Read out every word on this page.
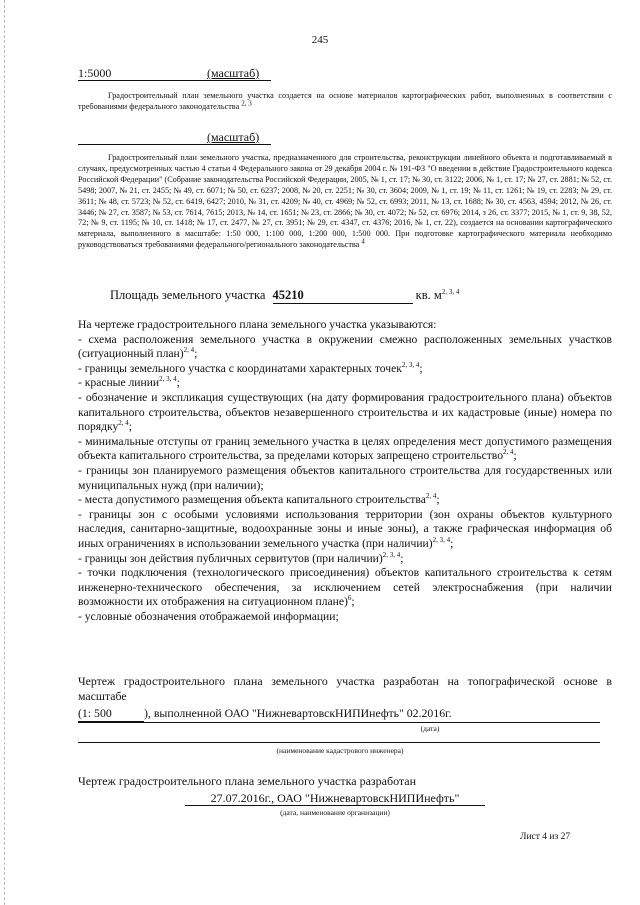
245
1:5000	(масштаб)
Градостроительный план земельного участка создается на основе материалов картографических работ, выполненных в соответствии с требованиями федерального законодательства $^{2, 3}$
(масштаб)
Градостроительный план земельного участка, предназначенного для строительства, реконструкции линейного объекта и подготавливаемый в случаях, предусмотренных частью 4 статьи 4 Федерального закона от 29 декабря 2004 г. № 191-ФЗ "О введении в действие Градостроительного кодекса Российской Федерации" (Собрание законодательства Российской Федерации, 2005, № 1, ст. 17; № 30, ст. 3122; 2006, № 1, ст. 17; № 27, ст. 2881; № 52, ст. 5498; 2007, № 21, ст. 2455; № 49, ст. 6071; № 50, ст. 6237; 2008, № 20, ст. 2251; № 30, ст. 3604; 2009, № 1, ст. 19; № 11, ст. 1261; № 19, ст. 2283; № 29, ст. 3611; № 48, ст. 5723; № 52, ст. 6419, 6427; 2010, № 31, ст. 4209; № 40, ст. 4969; № 52, ст. 6993; 2011, № 13, ст. 1688; № 30, ст. 4563, 4594; 2012, № 26, ст. 3446; № 27, ст. 3587; № 53, ст. 7614, 7615; 2013, № 14, ст. 1651; № 23, ст. 2866; № 30, ст. 4072; № 52, ст. 6976; 2014, з 26, ст. 3377; 2015, № 1, ст. 9, 38, 52, 72; № 9, ст. 1195; № 10, ст. 1418; № 17, ст. 2477, № 27, ст. 3951; № 29, ст. 4347, ст. 4376; 2016, № 1, ст. 22), создается на основании картографического материала, выполненного в масштабе: 1:50 000, 1:100 000, 1:200 000, 1:500 000. При подготовке картографического материала необходимо руководствоваться требованиями федерального/регионального законодательства $^4$
Площадь земельного участка 45210	кв. $м^{2, 3, 4}$

На чертеже градостроительного плана земельного участка указываются:

- схема расположения земельного участка в окружении смежно расположенных земельных участков (ситуационный план)$^{2, 4}$;

- границы земельного участка с координатами характерных точек$^{2, 3, 4}$;

- красные линии$^{2, 3, 4}$;

- обозначение и экспликация существующих (на дату формирования градостроительного плана) объектов капитального строительства, объектов незавершенного строительства и их кадастровые (иные) номера по порядку$^{2, 4}$;

- минимальные отступы от границ земельного участка в целях определения мест допустимого размещения объекта капитального строительства, за пределами которых запрещено строительство$^{2, 4}$;

- границы зон планируемого размещения объектов капитального строительства для государственных или муниципальных нужд (при наличии);

- места допустимого размещения объекта капитального строительства$^{2, 4}$;

- границы зон с особыми условиями использования территории (зон охраны объектов культурного наследия, санитарно-защитные, водоохранные зоны и иные зоны), а также графическая информация об иных ограничениях в использовании земельного участка (при наличии)$^{2, 3, 4}$;

- границы зон действия публичных сервитутов (при наличии)$^{2, 3, 4}$;

- точки подключения (технологического присоединения) объектов капитального строительства к сетям инженерно-технического обеспечения, за исключением сетей электроснабжения (при наличии возможности их отображения на ситуационном плане)$^6$;

- условные обозначения отображаемой информации;

Чертеж градостроительного плана земельного участка разработан на топографической основе в масштабе
(1: 500	), выполненной ОАО "НижневартовскНИПИнефть" 02.2016г.
(дата)
(наименование кадастрового инженера)
Чертеж градостроительного плана земельного участка разработан
27.07.2016г., ОАО "НижневартовскНИПИнефть"
(дата, наименование организации)
Лист 4 из 27
